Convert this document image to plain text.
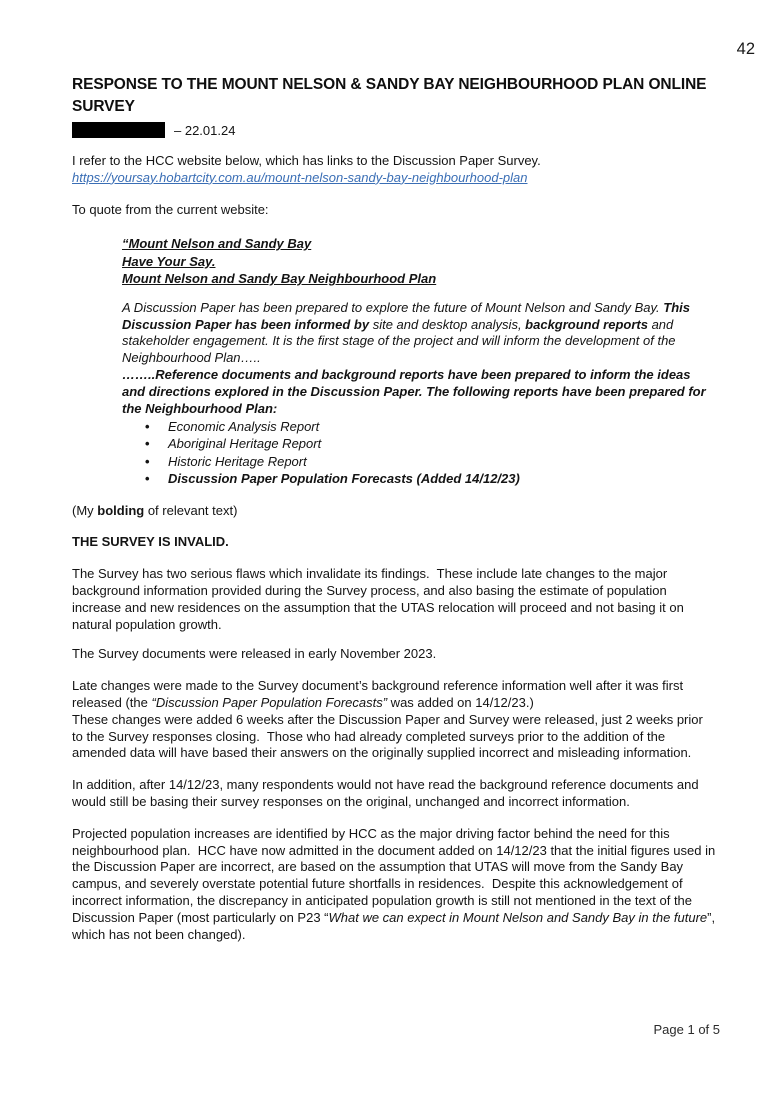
42
RESPONSE TO THE MOUNT NELSON & SANDY BAY NEIGHBOURHOOD PLAN ONLINE SURVEY
– 22.01.24

I refer to the HCC website below, which has links to the Discussion Paper Survey.

https://yoursay.hobartcity.com.au/mount-nelson-sandy-bay-neighbourhood-plan

To quote from the current website:

“Mount Nelson and Sandy Bay
Have Your Say.
Mount Nelson and Sandy Bay Neighbourhood Plan

A Discussion Paper has been prepared to explore the future of Mount Nelson and Sandy Bay. This Discussion Paper has been informed by site and desktop analysis, background reports and stakeholder engagement. It is the first stage of the project and will inform the development of the Neighbourhood Plan…..

……..Reference documents and background reports have been prepared to inform the ideas and directions explored in the Discussion Paper. The following reports have been prepared for the Neighbourhood Plan:

• Economic Analysis Report
• Aboriginal Heritage Report
• Historic Heritage Report
• Discussion Paper Population Forecasts (Added 14/12/23)

(My bolding of relevant text)

THE SURVEY IS INVALID.

The Survey has two serious flaws which invalidate its findings.  These include late changes to the major background information provided during the Survey process, and also basing the estimate of population increase and new residences on the assumption that the UTAS relocation will proceed and not basing it on natural population growth.

The Survey documents were released in early November 2023.

Late changes were made to the Survey document’s background reference information well after it was first released (the “Discussion Paper Population Forecasts” was added on 14/12/23.)
These changes were added 6 weeks after the Discussion Paper and Survey were released, just 2 weeks prior to the Survey responses closing.  Those who had already completed surveys prior to the addition of the amended data will have based their answers on the originally supplied incorrect and misleading information.

In addition, after 14/12/23, many respondents would not have read the background reference documents and would still be basing their survey responses on the original, unchanged and incorrect information.

Projected population increases are identified by HCC as the major driving factor behind the need for this neighbourhood plan.  HCC have now admitted in the document added on 14/12/23 that the initial figures used in the Discussion Paper are incorrect, are based on the assumption that UTAS will move from the Sandy Bay campus, and severely overstate potential future shortfalls in residences.  Despite this acknowledgement of incorrect information, the discrepancy in anticipated population growth is still not mentioned in the text of the Discussion Paper (most particularly on P23 “What we can expect in Mount Nelson and Sandy Bay in the future”, which has not been changed).

Page 1 of 5
